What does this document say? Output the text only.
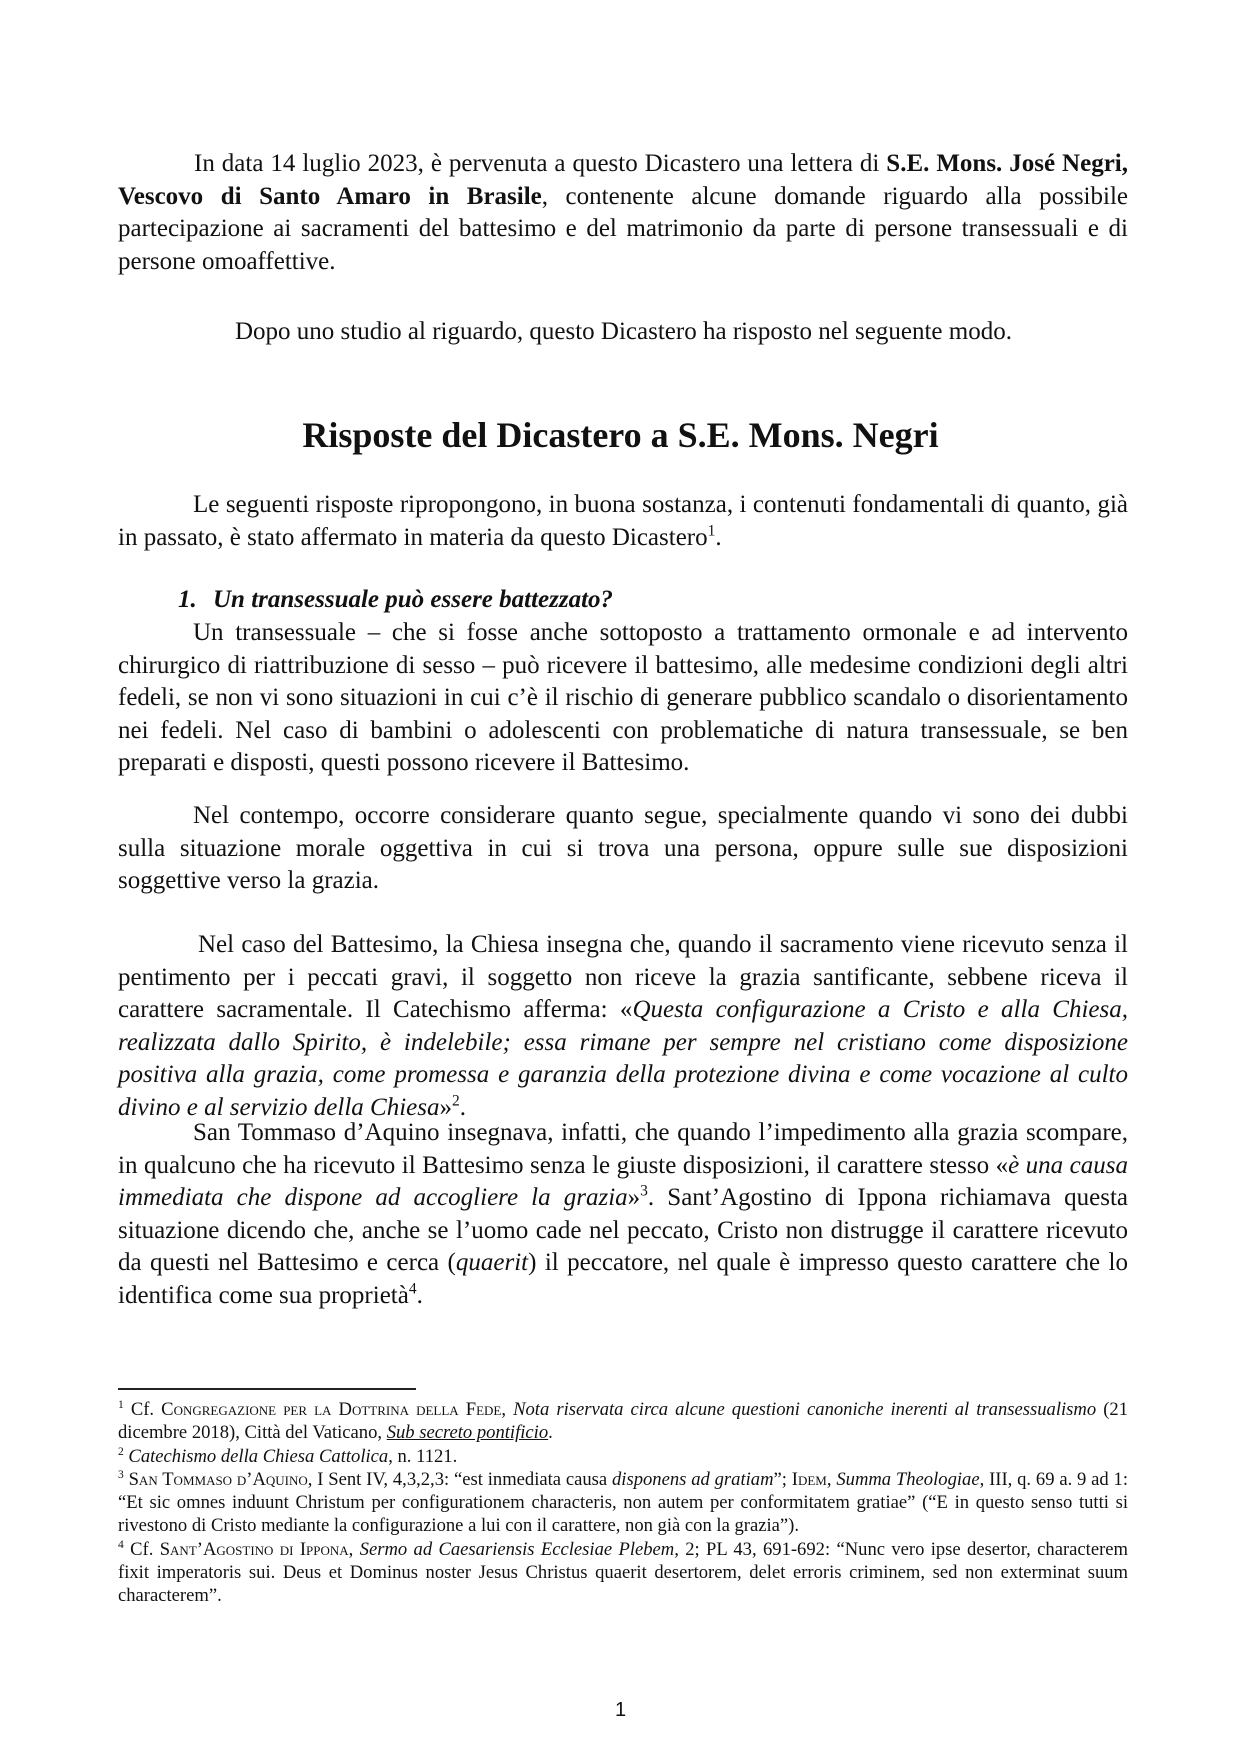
In data 14 luglio 2023, è pervenuta a questo Dicastero una lettera di S.E. Mons. José Negri, Vescovo di Santo Amaro in Brasile, contenente alcune domande riguardo alla possibile partecipazione ai sacramenti del battesimo e del matrimonio da parte di persone transessuali e di persone omoaffettive.

Dopo uno studio al riguardo, questo Dicastero ha risposto nel seguente modo.

Risposte del Dicastero a S.E. Mons. Negri

Le seguenti risposte ripropongono, in buona sostanza, i contenuti fondamentali di quanto, già in passato, è stato affermato in materia da questo Dicastero$^1$.

1. Un transessuale può essere battezzato?

Un transessuale – che si fosse anche sottoposto a trattamento ormonale e ad intervento chirurgico di riattribuzione di sesso – può ricevere il battesimo, alle medesime condizioni degli altri fedeli, se non vi sono situazioni in cui c’è il rischio di generare pubblico scandalo o disorientamento nei fedeli. Nel caso di bambini o adolescenti con problematiche di natura transessuale, se ben preparati e disposti, questi possono ricevere il Battesimo.

Nel contempo, occorre considerare quanto segue, specialmente quando vi sono dei dubbi sulla situazione morale oggettiva in cui si trova una persona, oppure sulle sue disposizioni soggettive verso la grazia.

Nel caso del Battesimo, la Chiesa insegna che, quando il sacramento viene ricevuto senza il pentimento per i peccati gravi, il soggetto non riceve la grazia santificante, sebbene riceva il carattere sacramentale. Il Catechismo afferma: «Questa configurazione a Cristo e alla Chiesa, realizzata dallo Spirito, è indelebile; essa rimane per sempre nel cristiano come disposizione positiva alla grazia, come promessa e garanzia della protezione divina e come vocazione al culto divino e al servizio della Chiesa»$^2$.

San Tommaso d’Aquino insegnava, infatti, che quando l’impedimento alla grazia scompare, in qualcuno che ha ricevuto il Battesimo senza le giuste disposizioni, il carattere stesso «è una causa immediata che dispone ad accogliere la grazia»$^3$. Sant’Agostino di Ippona richiamava questa situazione dicendo che, anche se l’uomo cade nel peccato, Cristo non distrugge il carattere ricevuto da questi nel Battesimo e cerca (quaerit) il peccatore, nel quale è impresso questo carattere che lo identifica come sua proprietà$^4$.

$^1$ Cf. Congregazione per la Dottrina della Fede, Nota riservata circa alcune questioni canoniche inerenti al transessualismo (21 dicembre 2018), Città del Vaticano, Sub secreto pontificio.

$^2$ Catechismo della Chiesa Cattolica, n. 1121.

$^3$ San Tommaso d’Aquino, I Sent IV, 4,3,2,3: “est inmediata causa disponens ad gratiam”; Idem, Summa Theologiae, III, q. 69 a. 9 ad 1: “Et sic omnes induunt Christum per configurationem characteris, non autem per conformitatem gratiae” (“E in questo senso tutti si rivestono di Cristo mediante la configurazione a lui con il carattere, non già con la grazia”).

$^4$ Cf. Sant’Agostino di Ippona, Sermo ad Caesariensis Ecclesiae Plebem, 2; PL 43, 691-692: “Nunc vero ipse desertor, characterem fixit imperatoris sui. Deus et Dominus noster Jesus Christus quaerit desertorem, delet erroris criminem, sed non exterminat suum characterem”.

1
